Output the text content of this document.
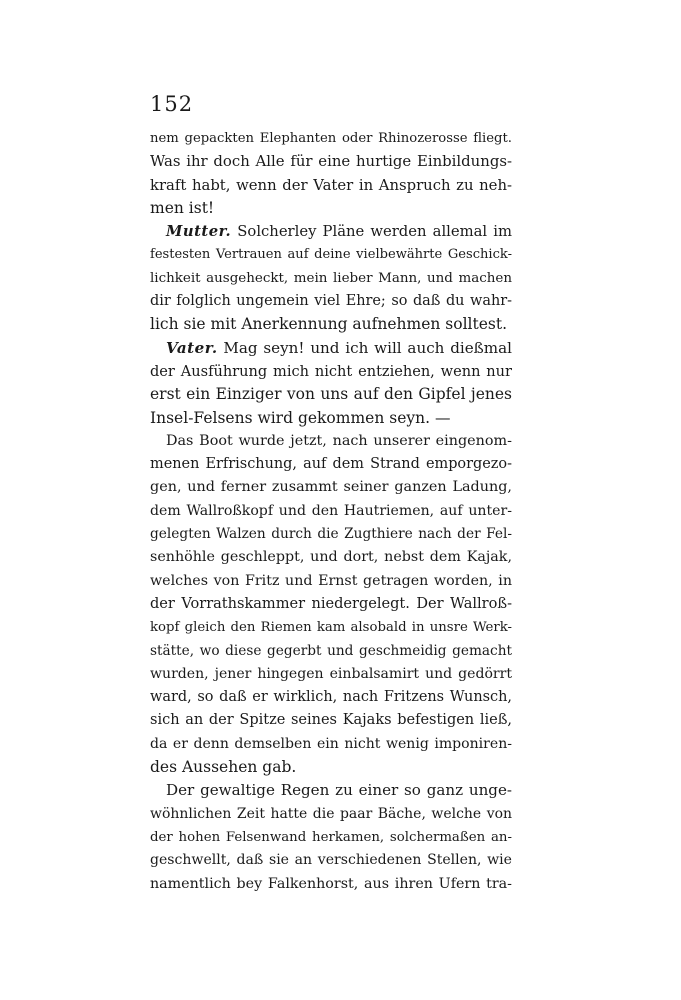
152
nem gepackten Elephanten oder Rhinozerosse fliegt.
Was ihr doch Alle für eine hurtige Einbildungs-
kraft habt, wenn der Vater in Anspruch zu neh-
men ist!
Mutter. Solcherley Pläne werden allemal im
festesten Vertrauen auf deine vielbewährte Geschick-
lichkeit ausgeheckt, mein lieber Mann, und machen
dir folglich ungemein viel Ehre; so daß du wahr-
lich sie mit Anerkennung aufnehmen solltest.
Vater. Mag seyn! und ich will auch dießmal
der Ausführung mich nicht entziehen, wenn nur
erst ein Einziger von uns auf den Gipfel jenes
Insel-Felsens wird gekommen seyn. —
Das Boot wurde jetzt, nach unserer eingenom-
menen Erfrischung, auf dem Strand emporgezo-
gen, und ferner zusammt seiner ganzen Ladung,
dem Wallroßkopf und den Hautriemen, auf unter-
gelegten Walzen durch die Zugthiere nach der Fel-
senhöhle geschleppt, und dort, nebst dem Kajak,
welches von Fritz und Ernst getragen worden, in
der Vorrathskammer niedergelegt. Der Wallroß-
kopf gleich den Riemen kam alsobald in unsre Werk-
stätte, wo diese gegerbt und geschmeidig gemacht
wurden, jener hingegen einbalsamirt und gedörrt
ward, so daß er wirklich, nach Fritzens Wunsch,
sich an der Spitze seines Kajaks befestigen ließ,
da er denn demselben ein nicht wenig imponiren-
des Aussehen gab.
Der gewaltige Regen zu einer so ganz unge-
wöhnlichen Zeit hatte die paar Bäche, welche von
der hohen Felsenwand herkamen, solchermaßen an-
geschwellt, daß sie an verschiedenen Stellen, wie
namentlich bey Falkenhorst, aus ihren Ufern tra-
